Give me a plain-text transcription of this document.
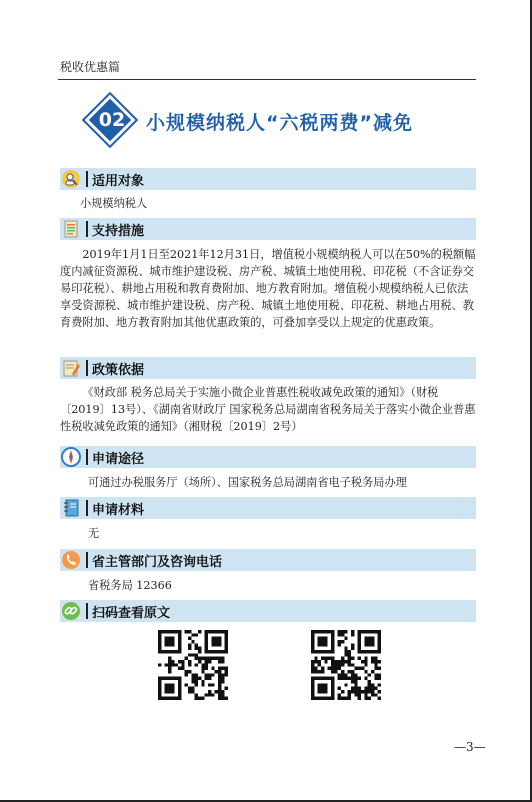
税收优惠篇
02	小规模纳税人“六税两费”减免
适用对象
小规模纳税人
支持措施
2019年1月1日至2021年12月31日，增值税小规模纳税人可以在50%的税额幅度内减征资源税、城市维护建设税、房产税、城镇土地使用税、印花税（不含证券交易印花税）、耕地占用税和教育费附加、地方教育附加。增值税小规模纳税人已依法享受资源税、城市维护建设税、房产税、城镇土地使用税、印花税、耕地占用税、教育费附加、地方教育附加其他优惠政策的，可叠加享受以上规定的优惠政策。
政策依据
《财政部 税务总局关于实施小微企业普惠性税收减免政策的通知》（财税〔2019〕13号）、《湖南省财政厅 国家税务总局湖南省税务局关于落实小微企业普惠性税收减免政策的通知》（湘财税〔2019〕2号）
申请途径
可通过办税服务厅（场所）、国家税务总局湖南省电子税务局办理
申请材料
无
省主管部门及咨询电话
省税务局 12366
扫码查看原文
—3—
